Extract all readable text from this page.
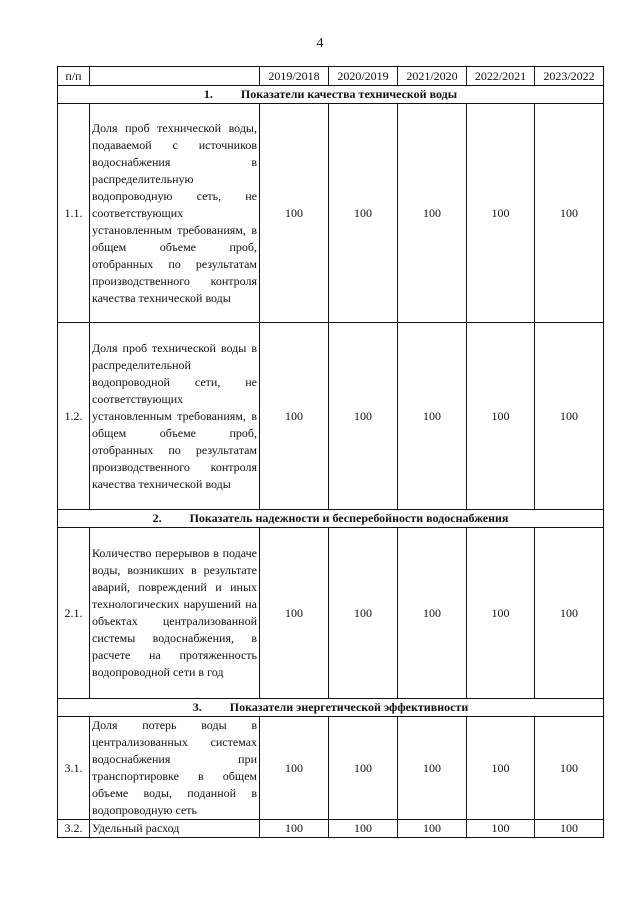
4
п/п		2019/2018	2020/2019	2021/2020	2022/2021	2023/2022
1. Показатели качества технической воды						
1.1.	Доля проб технической воды, подаваемой с источников водоснабжения в распределительную водопроводную сеть, не соответствующих установленным требованиям, в общем объеме проб, отобранных по результатам производственного контроля качества технической воды	100	100	100	100	100
1.2.	Доля проб технической воды в распределительной водопроводной сети, не соответствующих установленным требованиям, в общем объеме проб, отобранных по результатам производственного контроля качества технической воды	100	100	100	100	100
2. Показатель надежности и бесперебойности водоснабжения						
2.1.	Количество перерывов в подаче воды, возникших в результате аварий, повреждений и иных технологических нарушений на объектах централизованной системы водоснабжения, в расчете на протяженность водопроводной сети в год	100	100	100	100	100
3. Показатели энергетической эффективности						
3.1.	Доля потерь воды в централизованных системах водоснабжения при транспортировке в общем объеме воды, поданной в водопроводную сеть	100	100	100	100	100
3.2.	Удельный расход	100	100	100	100	100
